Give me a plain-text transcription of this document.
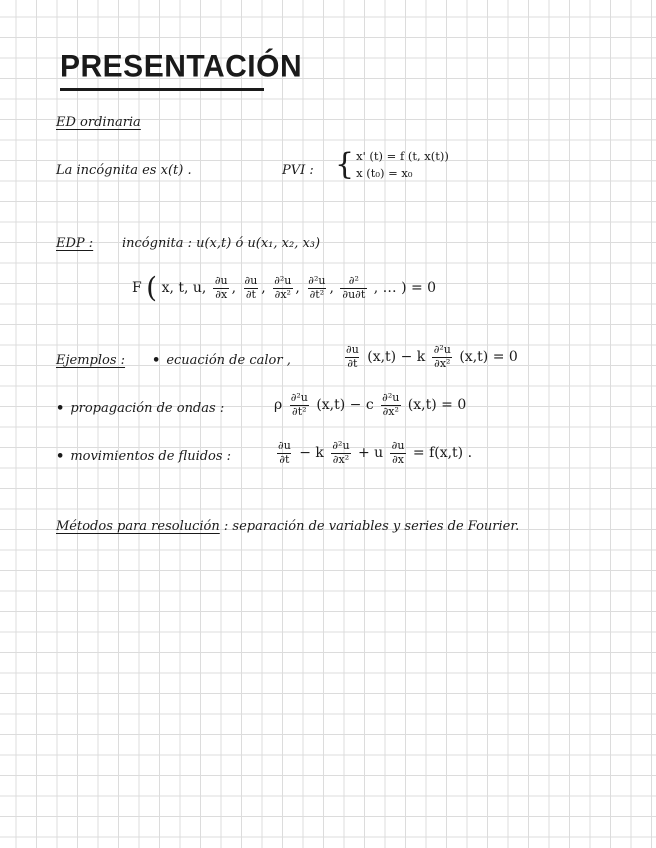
PRESENTACIÓN
ED ordinaria
La incógnita es x(t) .	PVI : { x' (t) = f (t, x(t))
x (t₀) = x₀
EDP : incógnita : u(x,t) ó u(x₁, x₂, x₃)
F ( x, t, u, $\frac{\partial u}{\partial x}$ , $\frac{\partial u}{\partial t}$ , $\frac{\text{∂²u}}{\text{∂x²}}$ , $\frac{\text{∂²u}}{\text{∂t²}}$ , $\frac{\text{∂²}}{\partial u\partial t}$ , … ) = 0
Ejemplos : • ecuación de calor ,	$\frac{\partial u}{\partial t} (x,t) - k \frac{\text{∂²u}}{\text{∂x²}} (x,t) = 0$
• propagación de ondas :	ρ $\frac{\text{∂²u}}{\text{∂t²}} (x,t) - c \frac{\text{∂²u}}{\text{∂x²}} (x,t) = 0$
• movimientos de fluidos :	$\frac{\partial u}{\partial t} - k \frac{\text{∂²u}}{\text{∂x²}} + u \frac{\partial u}{\partial x} = f(x,t)$ .
Métodos para resolución : separación de variables y series de Fourier.
